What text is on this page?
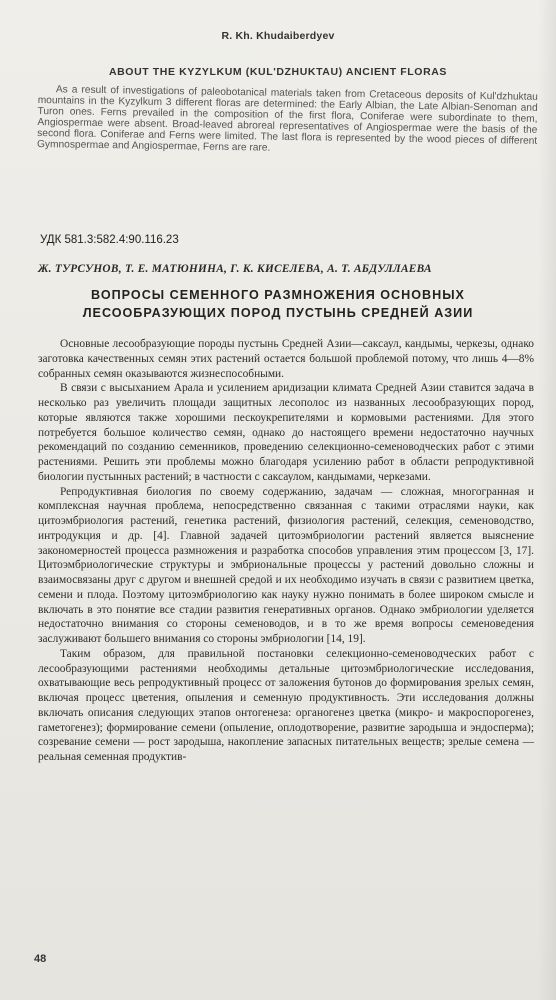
R. Kh. Khudaiberdyev
ABOUT THE KYZYLKUM (KUL'DZHUKTAU) ANCIENT FLORAS

As a result of investigations of paleobotanical materials taken from Cretaceous deposits of Kul'dzhuktau mountains in the Kyzylkum 3 different floras are determined: the Early Albian, the Late Albian-Senoman and Turon ones. Ferns prevailed in the composition of the first flora, Coniferae were subordinate to them, Angiospermae were absent. Broad-leaved abroreal representatives of Angiospermae were the basis of the second flora. Coniferae and Ferns were limited. The last flora is represented by the wood pieces of different Gymnospermae and Angiospermae, Ferns are rare.

УДК 581.3:582.4:90.116.23
Ж. ТУРСУНОВ, Т. Е. МАТЮНИНА, Г. К. КИСЕЛЕВА, А. Т. АБДУЛЛАЕВА
ВОПРОСЫ СЕМЕННОГО РАЗМНОЖЕНИЯ ОСНОВНЫХ
ЛЕСООБРАЗУЮЩИХ ПОРОД ПУСТЫНЬ СРЕДНЕЙ АЗИИ

Основные лесообразующие породы пустынь Средней Азии—саксаул, кандымы, черкезы, однако заготовка качественных семян этих растений остается большой проблемой потому, что лишь 4—8% собранных семян оказываются жизнеспособными.

В связи с высыханием Арала и усилением аридизации климата Средней Азии ставится задача в несколько раз увеличить площади защитных лесополос из названных лесообразующих пород, которые являются также хорошими пескоукрепителями и кормовыми растениями. Для этого потребуется большое количество семян, однако до настоящего времени недостаточно научных рекомендаций по созданию семенников, проведению селекционно-семеноводческих работ с этими растениями. Решить эти проблемы можно благодаря усилению работ в области репродуктивной биологии пустынных растений; в частности с саксаулом, кандымами, черкезами.

Репродуктивная биология по своему содержанию, задачам — сложная, многогранная и комплексная научная проблема, непосредственно связанная с такими отраслями науки, как цитоэмбриология растений, генетика растений, физиология растений, селекция, семеноводство, интродукция и др. [4]. Главной задачей цитоэмбриологии растений является выяснение закономерностей процесса размножения и разработка способов управления этим процессом [3, 17]. Цитоэмбриологические структуры и эмбриональные процессы у растений довольно сложны и взаимосвязаны друг с другом и внешней средой и их необходимо изучать в связи с развитием цветка, семени и плода. Поэтому цитоэмбриологию как науку нужно понимать в более широком смысле и включать в это понятие все стадии развития генеративных органов. Однако эмбриологии уделяется недостаточно внимания со стороны семеноводов, и в то же время вопросы семеноведения заслуживают большего внимания со стороны эмбриологии [14, 19].

Таким образом, для правильной постановки селекционно-семеноводческих работ с лесообразующими растениями необходимы детальные цитоэмбриологические исследования, охватывающие весь репродуктивный процесс от заложения бутонов до формирования зрелых семян, включая процесс цветения, опыления и семенную продуктивность. Эти исследования должны включать описания следующих этапов онтогенеза: органогенез цветка (микро- и макроспорогенез, гаметогенез); формирование семени (опыление, оплодотворение, развитие зародыша и эндосперма); созревание семени — рост зародыша, накопление запасных питательных веществ; зрелые семена — реальная семенная продуктив-

48
